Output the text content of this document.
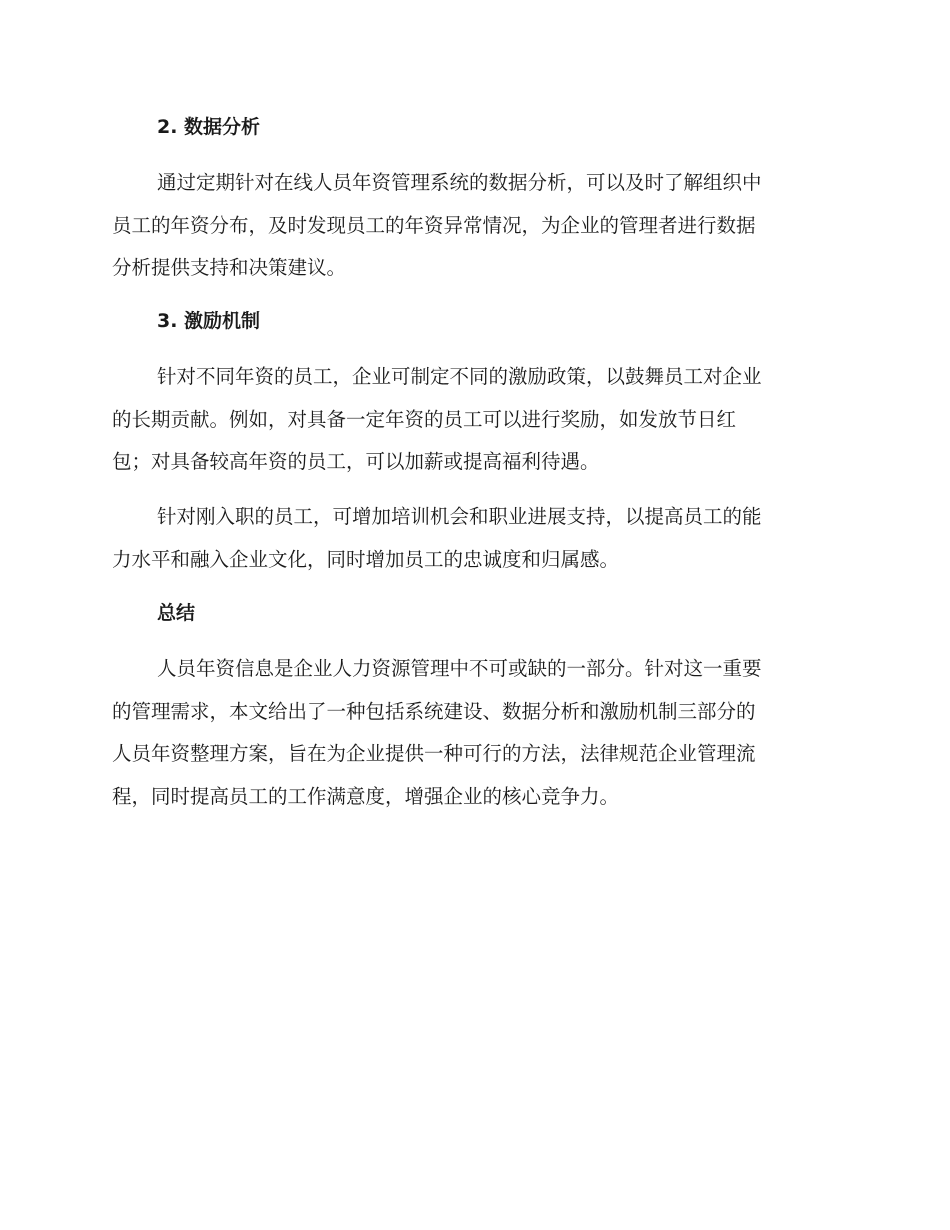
2. 数据分析
通过定期针对在线人员年资管理系统的数据分析，可以及时了解组织中
员工的年资分布，及时发现员工的年资异常情况，为企业的管理者进行数据
分析提供支持和决策建议。
3. 激励机制
针对不同年资的员工，企业可制定不同的激励政策，以鼓舞员工对企业
的长期贡献。例如，对具备一定年资的员工可以进行奖励，如发放节日红
包；对具备较高年资的员工，可以加薪或提高福利待遇。
针对刚入职的员工，可增加培训机会和职业进展支持，以提高员工的能
力水平和融入企业文化，同时增加员工的忠诚度和归属感。
总结
人员年资信息是企业人力资源管理中不可或缺的一部分。针对这一重要
的管理需求，本文给出了一种包括系统建设、数据分析和激励机制三部分的
人员年资整理方案，旨在为企业提供一种可行的方法，法律规范企业管理流
程，同时提高员工的工作满意度，增强企业的核心竞争力。
